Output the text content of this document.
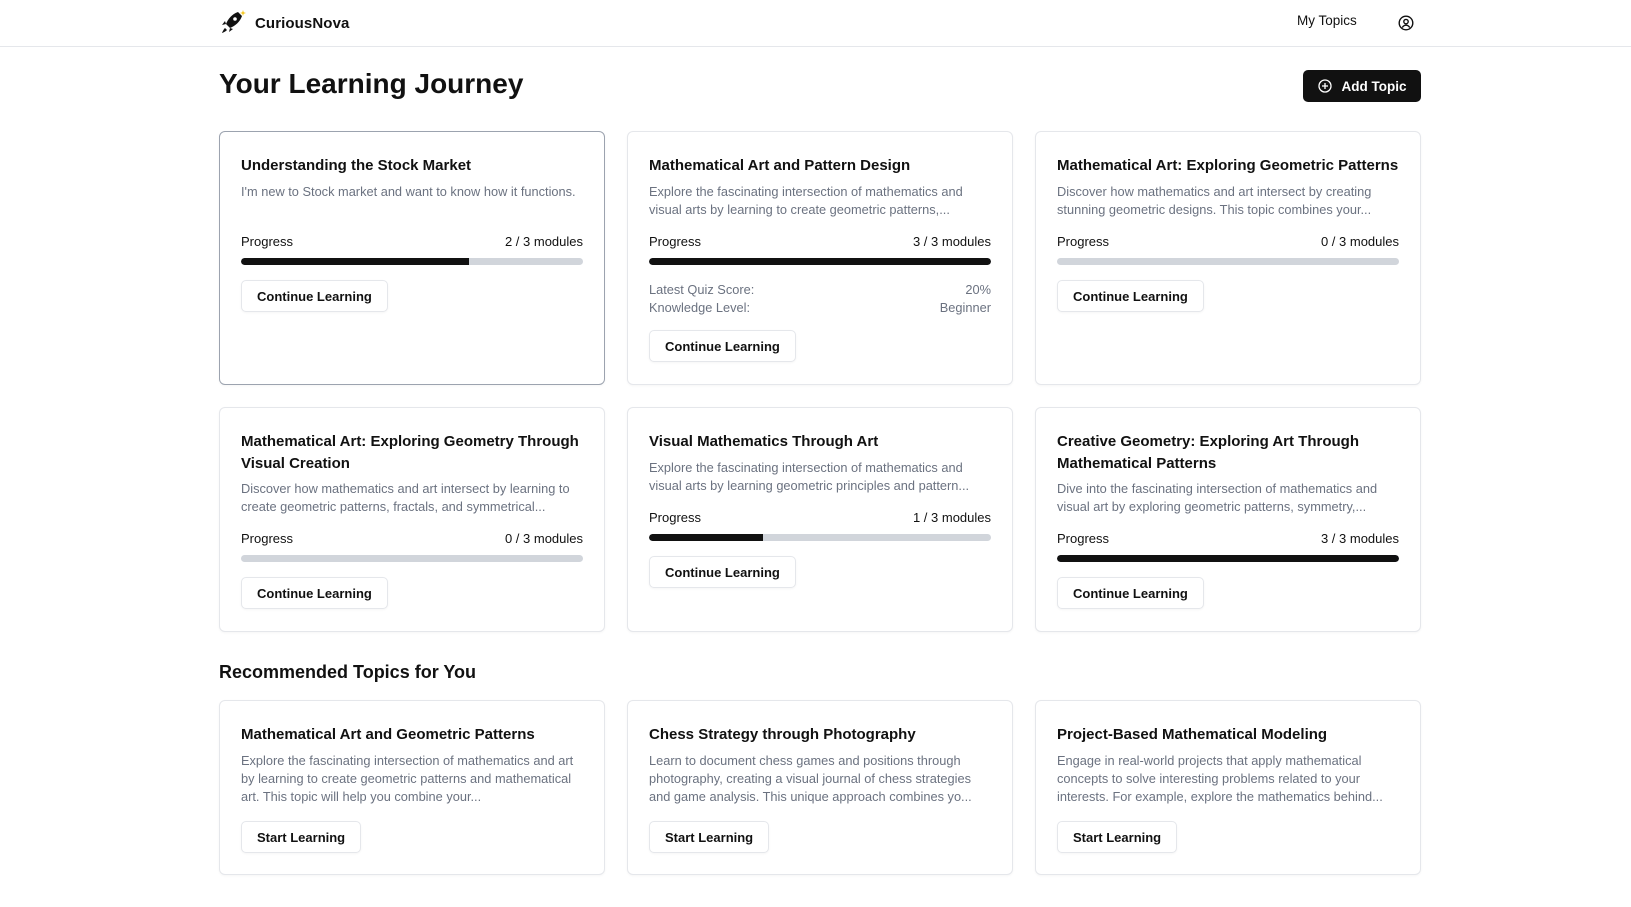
CuriousNova	My Topics
Your Learning Journey	Add Topic
Understanding the Stock Market
I'm new to Stock market and want to know how it functions.
Progress	2 / 3 modules
Continue Learning
Mathematical Art and Pattern Design
Explore the fascinating intersection of mathematics and visual arts by learning to create geometric patterns,...
Progress	3 / 3 modules
Latest Quiz Score:	20%
Knowledge Level:	Beginner
Continue Learning
Mathematical Art: Exploring Geometric Patterns
Discover how mathematics and art intersect by creating stunning geometric designs. This topic combines your...
Progress	0 / 3 modules
Continue Learning
Mathematical Art: Exploring Geometry Through Visual Creation
Discover how mathematics and art intersect by learning to create geometric patterns, fractals, and symmetrical...
Progress	0 / 3 modules
Continue Learning
Visual Mathematics Through Art
Explore the fascinating intersection of mathematics and visual arts by learning geometric principles and pattern...
Progress	1 / 3 modules
Continue Learning
Creative Geometry: Exploring Art Through Mathematical Patterns
Dive into the fascinating intersection of mathematics and visual art by exploring geometric patterns, symmetry,...
Progress	3 / 3 modules
Continue Learning
Recommended Topics for You
Mathematical Art and Geometric Patterns
Explore the fascinating intersection of mathematics and art by learning to create geometric patterns and mathematical art. This topic will help you combine your...
Start Learning
Chess Strategy through Photography
Learn to document chess games and positions through photography, creating a visual journal of chess strategies and game analysis. This unique approach combines yo...
Start Learning
Project-Based Mathematical Modeling
Engage in real-world projects that apply mathematical concepts to solve interesting problems related to your interests. For example, explore the mathematics behind...
Start Learning
